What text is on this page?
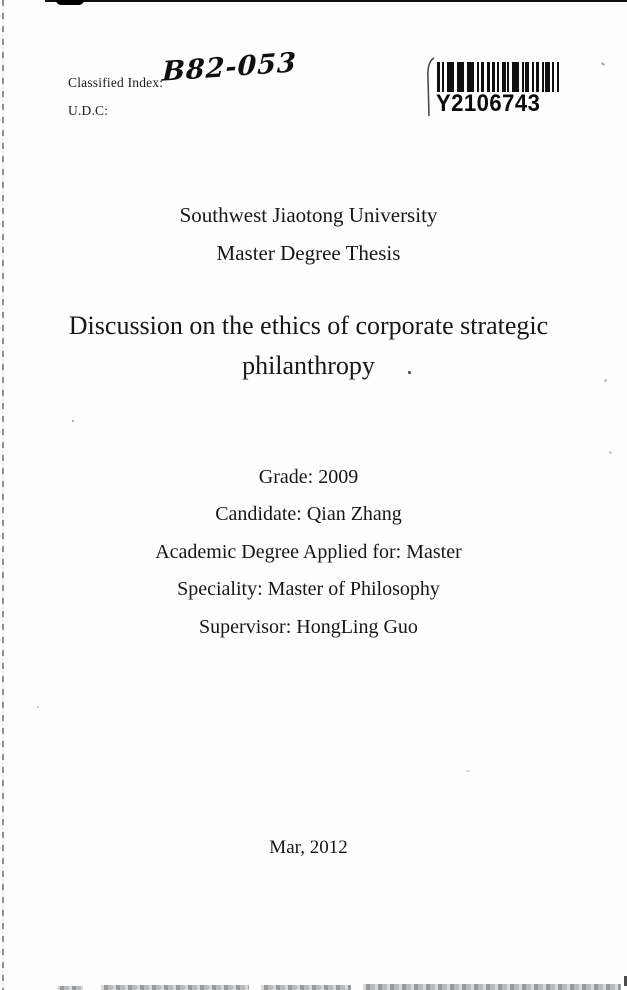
Classified Index:
B82-053
U.D.C:	Y2106743
Southwest Jiaotong University
Master Degree Thesis
Discussion on the ethics of corporate strategic
philanthropy
Grade: 2009
Candidate: Qian Zhang
Academic Degree Applied for: Master
Speciality: Master of Philosophy
Supervisor: HongLing Guo
Mar, 2012
